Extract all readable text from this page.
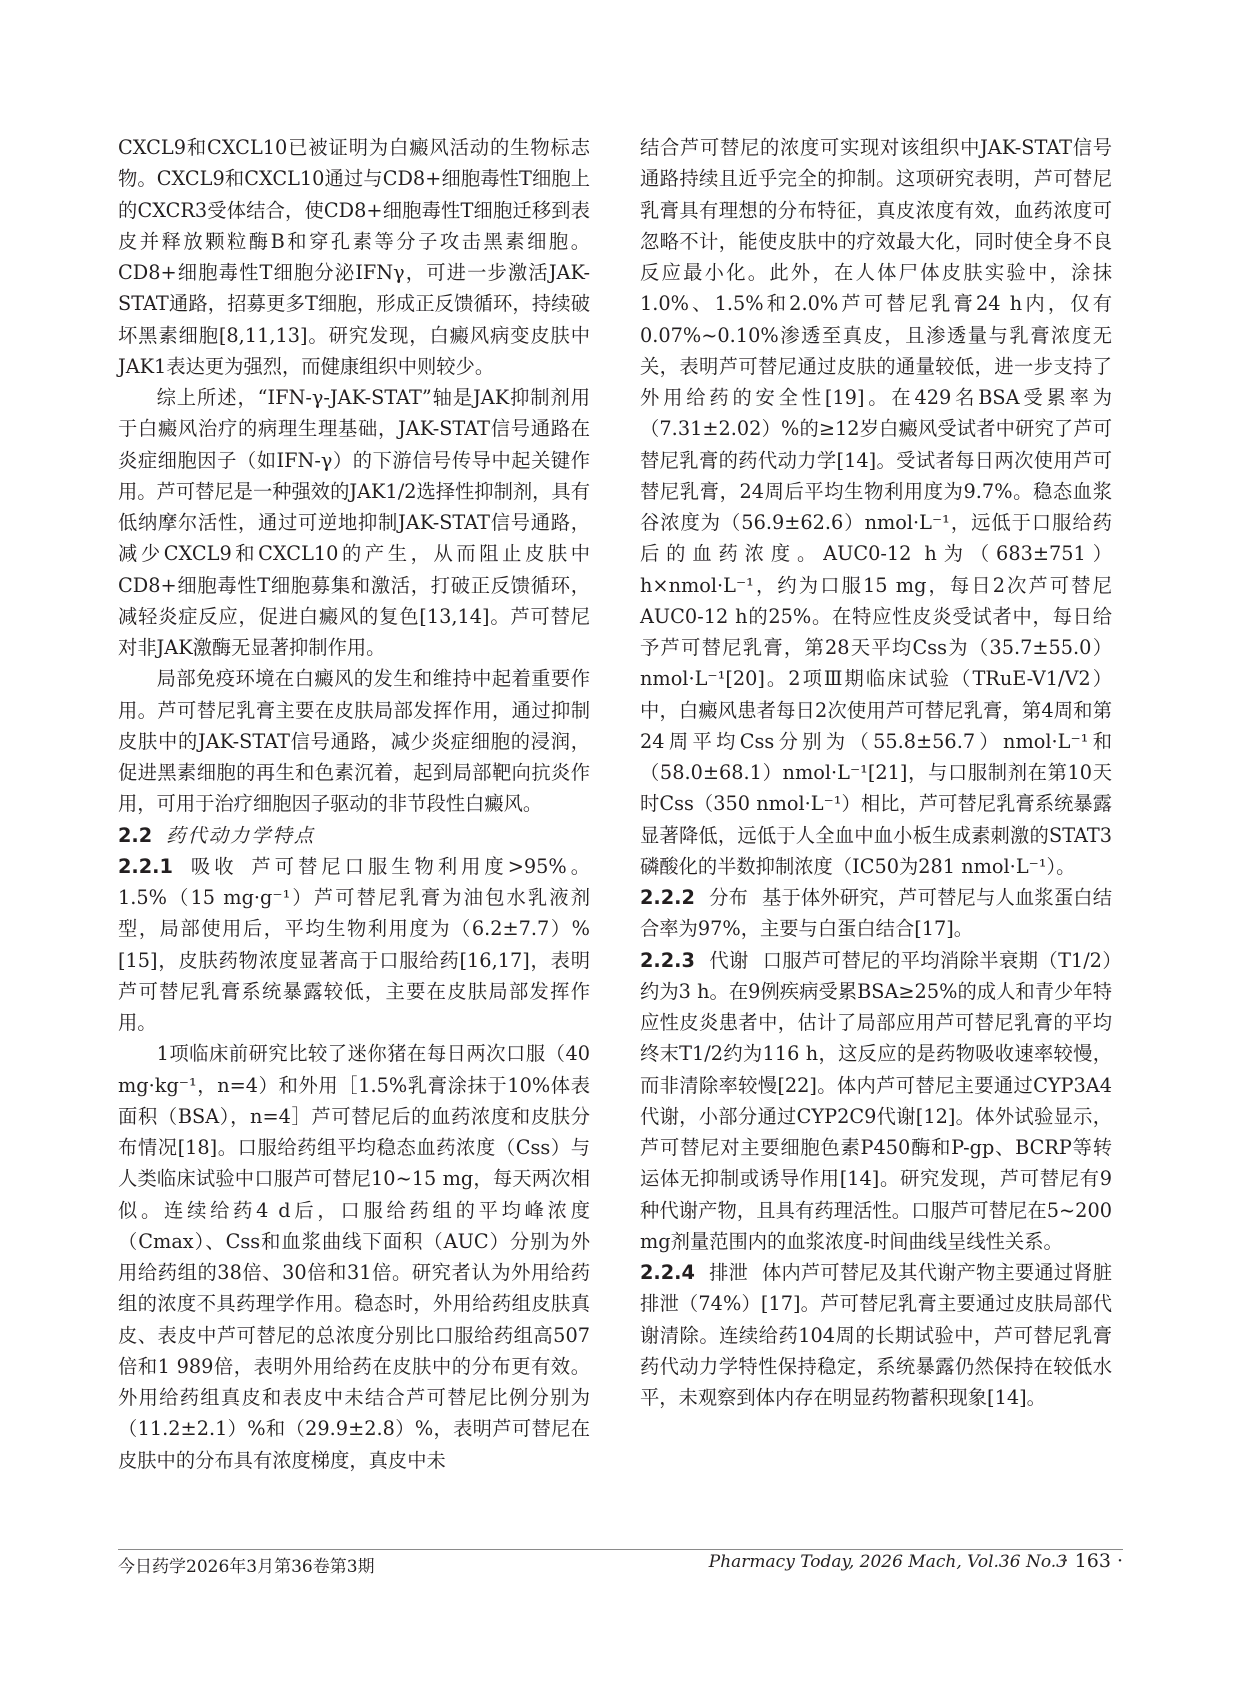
CXCL9和CXCL10已被证明为白癜风活动的生物标志物。CXCL9和CXCL10通过与CD8+细胞毒性T细胞上的CXCR3受体结合，使CD8+细胞毒性T细胞迁移到表皮并释放颗粒酶B和穿孔素等分子攻击黑素细胞。CD8+细胞毒性T细胞分泌IFNγ，可进一步激活JAK-STAT通路，招募更多T细胞，形成正反馈循环，持续破坏黑素细胞[8,11,13]。研究发现，白癜风病变皮肤中JAK1表达更为强烈，而健康组织中则较少。

综上所述，“IFN-γ-JAK-STAT”轴是JAK抑制剂用于白癜风治疗的病理生理基础，JAK-STAT信号通路在炎症细胞因子（如IFN-γ）的下游信号传导中起关键作用。芦可替尼是一种强效的JAK1/2选择性抑制剂，具有低纳摩尔活性，通过可逆地抑制JAK-STAT信号通路，减少CXCL9和CXCL10的产生，从而阻止皮肤中CD8+细胞毒性T细胞募集和激活，打破正反馈循环，减轻炎症反应，促进白癜风的复色[13,14]。芦可替尼对非JAK激酶无显著抑制作用。

局部免疫环境在白癜风的发生和维持中起着重要作用。芦可替尼乳膏主要在皮肤局部发挥作用，通过抑制皮肤中的JAK-STAT信号通路，减少炎症细胞的浸润，促进黑素细胞的再生和色素沉着，起到局部靶向抗炎作用，可用于治疗细胞因子驱动的非节段性白癜风。

2.2 药代动力学特点

2.2.1 吸收 芦可替尼口服生物利用度>95%。1.5%（15 mg·g⁻¹）芦可替尼乳膏为油包水乳液剂型，局部使用后，平均生物利用度为（6.2±7.7）%[15]，皮肤药物浓度显著高于口服给药[16,17]，表明芦可替尼乳膏系统暴露较低，主要在皮肤局部发挥作用。

1项临床前研究比较了迷你猪在每日两次口服（40 mg·kg⁻¹，n=4）和外用［1.5%乳膏涂抹于10%体表面积（BSA），n=4］芦可替尼后的血药浓度和皮肤分布情况[18]。口服给药组平均稳态血药浓度（Css）与人类临床试验中口服芦可替尼10~15 mg，每天两次相似。连续给药4 d后，口服给药组的平均峰浓度（Cmax）、Css和血浆曲线下面积（AUC）分别为外用给药组的38倍、30倍和31倍。研究者认为外用给药组的浓度不具药理学作用。稳态时，外用给药组皮肤真皮、表皮中芦可替尼的总浓度分别比口服给药组高507倍和1 989倍，表明外用给药在皮肤中的分布更有效。外用给药组真皮和表皮中未结合芦可替尼比例分别为（11.2±2.1）%和（29.9±2.8）%，表明芦可替尼在皮肤中的分布具有浓度梯度，真皮中未

结合芦可替尼的浓度可实现对该组织中JAK-STAT信号通路持续且近乎完全的抑制。这项研究表明，芦可替尼乳膏具有理想的分布特征，真皮浓度有效，血药浓度可忽略不计，能使皮肤中的疗效最大化，同时使全身不良反应最小化。此外，在人体尸体皮肤实验中，涂抹1.0%、1.5%和2.0%芦可替尼乳膏24 h内，仅有0.07%~0.10%渗透至真皮，且渗透量与乳膏浓度无关，表明芦可替尼通过皮肤的通量较低，进一步支持了外用给药的安全性[19]。在429名BSA受累率为（7.31±2.02）%的≥12岁白癜风受试者中研究了芦可替尼乳膏的药代动力学[14]。受试者每日两次使用芦可替尼乳膏，24周后平均生物利用度为9.7%。稳态血浆谷浓度为（56.9±62.6）nmol·L⁻¹，远低于口服给药后的血药浓度。AUC0-12 h为（683±751）h×nmol·L⁻¹，约为口服15 mg，每日2次芦可替尼AUC0-12 h的25%。在特应性皮炎受试者中，每日给予芦可替尼乳膏，第28天平均Css为（35.7±55.0）nmol·L⁻¹[20]。2项Ⅲ期临床试验（TRuE-V1/V2）中，白癜风患者每日2次使用芦可替尼乳膏，第4周和第24周平均Css分别为（55.8±56.7）nmol·L⁻¹和（58.0±68.1）nmol·L⁻¹[21]，与口服制剂在第10天时Css（350 nmol·L⁻¹）相比，芦可替尼乳膏系统暴露显著降低，远低于人全血中血小板生成素刺激的STAT3磷酸化的半数抑制浓度（IC50为281 nmol·L⁻¹）。

2.2.2 分布 基于体外研究，芦可替尼与人血浆蛋白结合率为97%，主要与白蛋白结合[17]。

2.2.3 代谢 口服芦可替尼的平均消除半衰期（T1/2）约为3 h。在9例疾病受累BSA≥25%的成人和青少年特应性皮炎患者中，估计了局部应用芦可替尼乳膏的平均终末T1/2约为116 h，这反应的是药物吸收速率较慢，而非清除率较慢[22]。体内芦可替尼主要通过CYP3A4代谢，小部分通过CYP2C9代谢[12]。体外试验显示，芦可替尼对主要细胞色素P450酶和P-gp、BCRP等转运体无抑制或诱导作用[14]。研究发现，芦可替尼有9种代谢产物，且具有药理活性。口服芦可替尼在5~200 mg剂量范围内的血浆浓度-时间曲线呈线性关系。

2.2.4 排泄 体内芦可替尼及其代谢产物主要通过肾脏排泄（74%）[17]。芦可替尼乳膏主要通过皮肤局部代谢清除。连续给药104周的长期试验中，芦可替尼乳膏药代动力学特性保持稳定，系统暴露仍然保持在较低水平，未观察到体内存在明显药物蓄积现象[14]。

今日药学2026年3月第36卷第3期	Pharmacy Today, 2026 Mach, Vol.36 No.3
· 163 ·
